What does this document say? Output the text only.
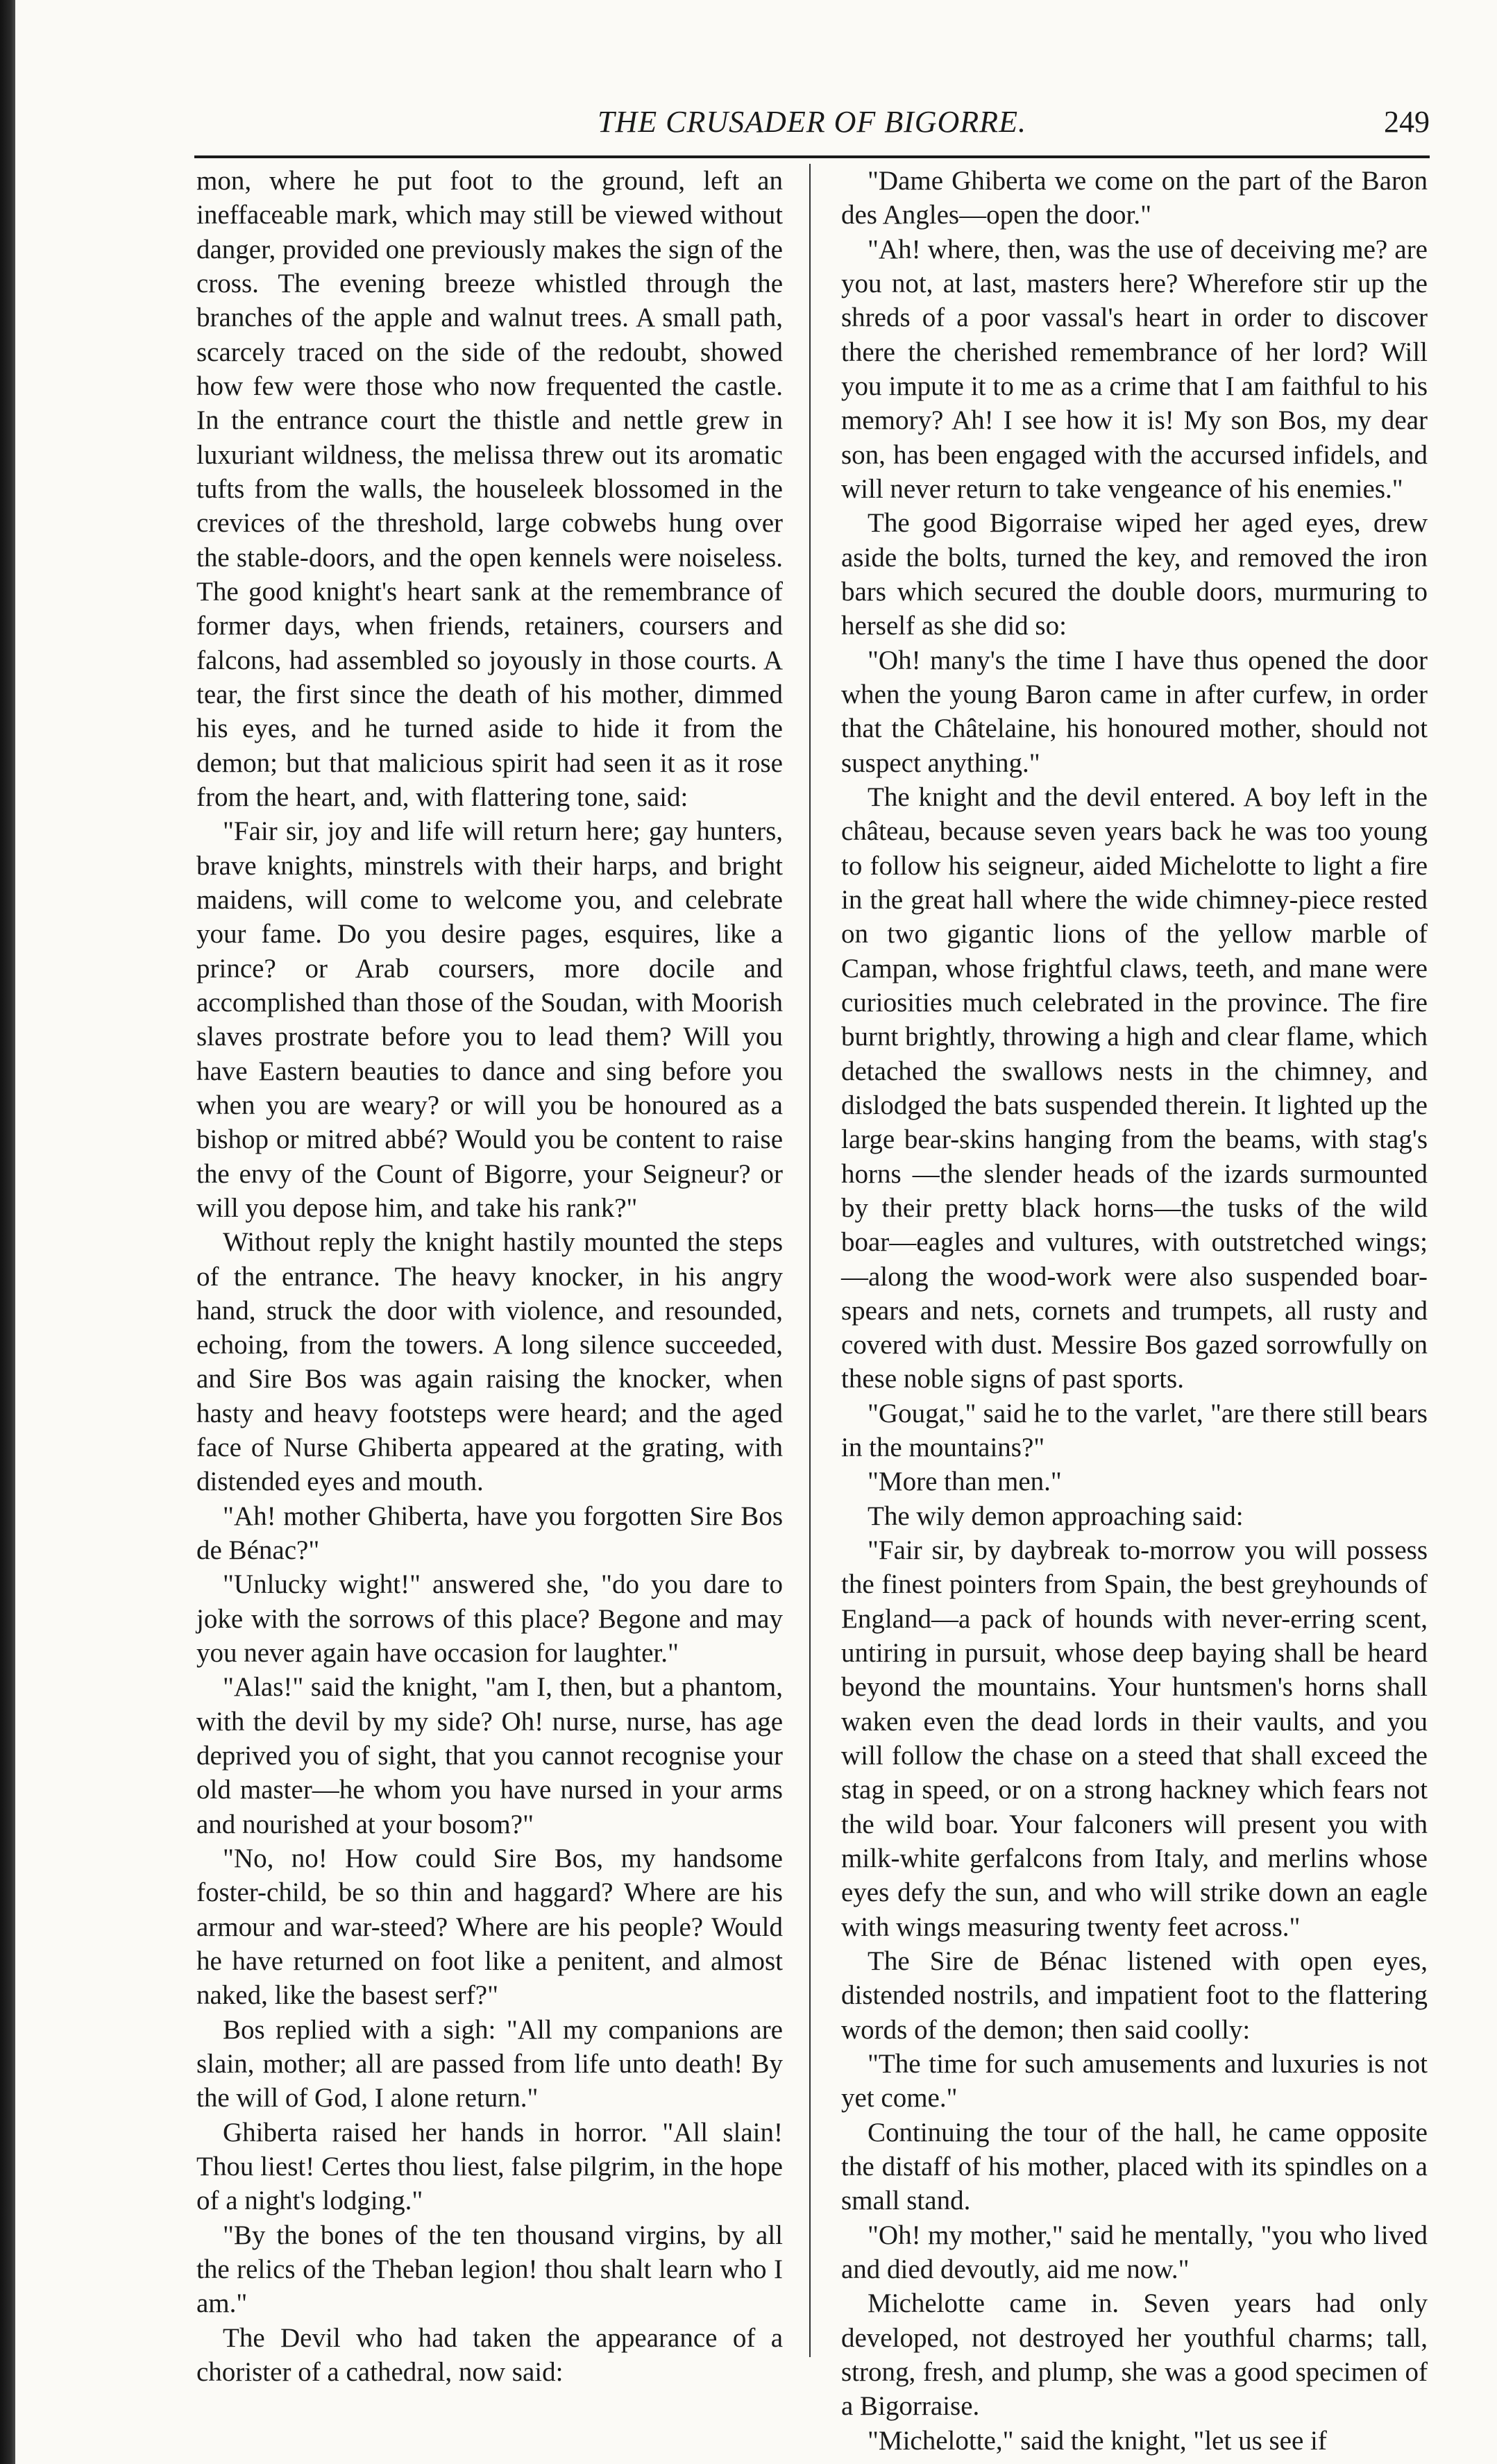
THE CRUSADER OF BIGORRE.	249

mon, where he put foot to the ground, left an ineffaceable mark, which may still be viewed without danger, provided one previously makes the sign of the cross. The evening breeze whistled through the branches of the apple and walnut trees. A small path, scarcely traced on the side of the redoubt, showed how few were those who now frequented the castle. In the entrance court the thistle and nettle grew in luxuriant wildness, the melissa threw out its aromatic tufts from the walls, the houseleek blossomed in the crevices of the threshold, large cobwebs hung over the stable-doors, and the open kennels were noiseless. The good knight's heart sank at the remembrance of former days, when friends, retainers, coursers and falcons, had assembled so joyously in those courts. A tear, the first since the death of his mother, dimmed his eyes, and he turned aside to hide it from the demon; but that malicious spirit had seen it as it rose from the heart, and, with flattering tone, said:

"Fair sir, joy and life will return here; gay hunters, brave knights, minstrels with their harps, and bright maidens, will come to welcome you, and celebrate your fame. Do you desire pages, esquires, like a prince? or Arab coursers, more docile and accomplished than those of the Soudan, with Moorish slaves prostrate before you to lead them? Will you have Eastern beauties to dance and sing before you when you are weary? or will you be honoured as a bishop or mitred abbé? Would you be content to raise the envy of the Count of Bigorre, your Seigneur? or will you depose him, and take his rank?"

Without reply the knight hastily mounted the steps of the entrance. The heavy knocker, in his angry hand, struck the door with violence, and resounded, echoing, from the towers. A long silence succeeded, and Sire Bos was again raising the knocker, when hasty and heavy footsteps were heard; and the aged face of Nurse Ghiberta appeared at the grating, with distended eyes and mouth.

"Ah! mother Ghiberta, have you forgotten Sire Bos de Bénac?"

"Unlucky wight!" answered she, "do you dare to joke with the sorrows of this place? Begone and may you never again have occasion for laughter."

"Alas!" said the knight, "am I, then, but a phantom, with the devil by my side? Oh! nurse, nurse, has age deprived you of sight, that you cannot recognise your old master—he whom you have nursed in your arms and nourished at your bosom?"

"No, no! How could Sire Bos, my handsome foster-child, be so thin and haggard? Where are his armour and war-steed? Where are his people? Would he have returned on foot like a penitent, and almost naked, like the basest serf?"

Bos replied with a sigh: "All my companions are slain, mother; all are passed from life unto death! By the will of God, I alone return."

Ghiberta raised her hands in horror. "All slain! Thou liest! Certes thou liest, false pilgrim, in the hope of a night's lodging."

"By the bones of the ten thousand virgins, by all the relics of the Theban legion! thou shalt learn who I am."

The Devil who had taken the appearance of a chorister of a cathedral, now said:

"Dame Ghiberta we come on the part of the Baron des Angles—open the door."

"Ah! where, then, was the use of deceiving me? are you not, at last, masters here? Wherefore stir up the shreds of a poor vassal's heart in order to discover there the cherished remembrance of her lord? Will you impute it to me as a crime that I am faithful to his memory? Ah! I see how it is! My son Bos, my dear son, has been engaged with the accursed infidels, and will never return to take vengeance of his enemies."

The good Bigorraise wiped her aged eyes, drew aside the bolts, turned the key, and removed the iron bars which secured the double doors, murmuring to herself as she did so:

"Oh! many's the time I have thus opened the door when the young Baron came in after curfew, in order that the Châtelaine, his honoured mother, should not suspect anything."

The knight and the devil entered. A boy left in the château, because seven years back he was too young to follow his seigneur, aided Michelotte to light a fire in the great hall where the wide chimney-piece rested on two gigantic lions of the yellow marble of Campan, whose frightful claws, teeth, and mane were curiosities much celebrated in the province. The fire burnt brightly, throwing a high and clear flame, which detached the swallows nests in the chimney, and dislodged the bats suspended therein. It lighted up the large bear-skins hanging from the beams, with stag's horns —the slender heads of the izards surmounted by their pretty black horns—the tusks of the wild boar—eagles and vultures, with outstretched wings;—along the wood-work were also suspended boar-spears and nets, cornets and trumpets, all rusty and covered with dust. Messire Bos gazed sorrowfully on these noble signs of past sports.

"Gougat," said he to the varlet, "are there still bears in the mountains?"

"More than men."

The wily demon approaching said:

"Fair sir, by daybreak to-morrow you will possess the finest pointers from Spain, the best greyhounds of England—a pack of hounds with never-erring scent, untiring in pursuit, whose deep baying shall be heard beyond the mountains. Your huntsmen's horns shall waken even the dead lords in their vaults, and you will follow the chase on a steed that shall exceed the stag in speed, or on a strong hackney which fears not the wild boar. Your falconers will present you with milk-white gerfalcons from Italy, and merlins whose eyes defy the sun, and who will strike down an eagle with wings measuring twenty feet across."

The Sire de Bénac listened with open eyes, distended nostrils, and impatient foot to the flattering words of the demon; then said coolly:

"The time for such amusements and luxuries is not yet come."

Continuing the tour of the hall, he came opposite the distaff of his mother, placed with its spindles on a small stand.

"Oh! my mother," said he mentally, "you who lived and died devoutly, aid me now."

Michelotte came in. Seven years had only developed, not destroyed her youthful charms; tall, strong, fresh, and plump, she was a good specimen of a Bigorraise.

"Michelotte," said the knight, "let us see if
